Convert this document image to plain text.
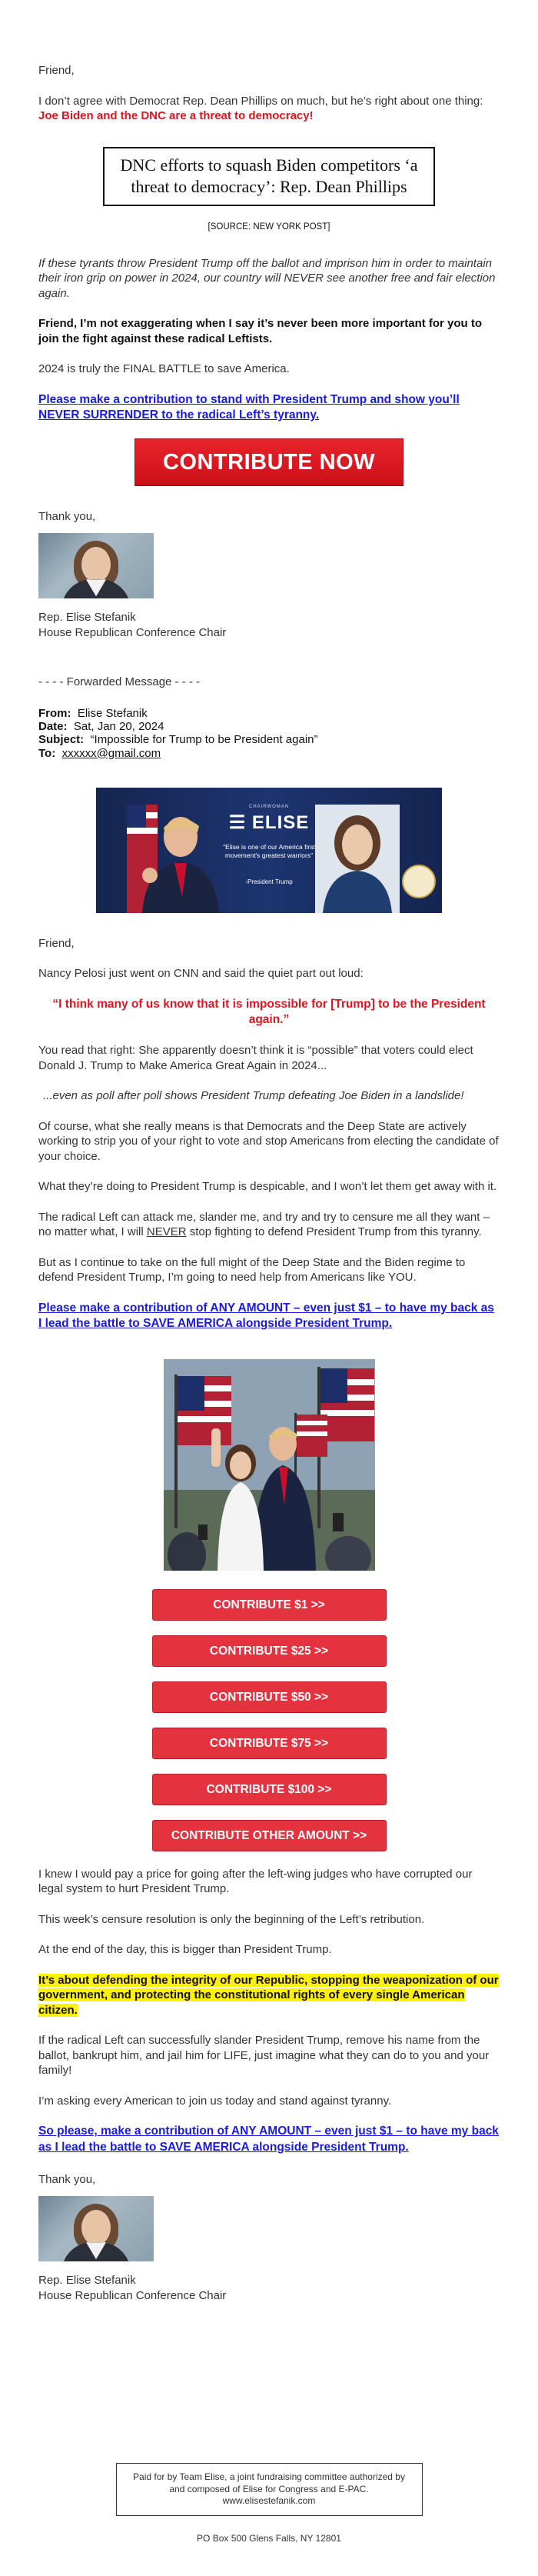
Friend,

I don’t agree with Democrat Rep. Dean Phillips on much, but he’s right about one thing: Joe Biden and the DNC are a threat to democracy!

DNC efforts to squash Biden competitors ‘a threat to democracy’: Rep. Dean Phillips

[SOURCE: NEW YORK POST]

If these tyrants throw President Trump off the ballot and imprison him in order to maintain their iron grip on power in 2024, our country will NEVER see another free and fair election again.

Friend, I’m not exaggerating when I say it’s never been more important for you to join the fight against these radical Leftists.

2024 is truly the FINAL BATTLE to save America.

Please make a contribution to stand with President Trump and show you’ll NEVER SURRENDER to the radical Left’s tyranny.
CONTRIBUTE NOW

Thank you,

Rep. Elise Stefanik

House Republican Conference Chair

- - - - Forwarded Message - - - -

From: Elise Stefanik
Date: Sat, Jan 20, 2024
Subject: “Impossible for Trump to be President again”
To: xxxxxx@gmail.com
CHAIRWOMAN
☰ ELISE
"Elise is one of our America first movement's greatest warriors"
-President Trump

Friend,

Nancy Pelosi just went on CNN and said the quiet part out loud:

“I think many of us know that it is impossible for [Trump] to be the President again.”

You read that right: She apparently doesn’t think it is “possible” that voters could elect Donald J. Trump to Make America Great Again in 2024...

...even as poll after poll shows President Trump defeating Joe Biden in a landslide!

Of course, what she really means is that Democrats and the Deep State are actively working to strip you of your right to vote and stop Americans from electing the candidate of your choice.

What they’re doing to President Trump is despicable, and I won’t let them get away with it.

The radical Left can attack me, slander me, and try and try to censure me all they want – no matter what, I will NEVER stop fighting to defend President Trump from this tyranny.

But as I continue to take on the full might of the Deep State and the Biden regime to defend President Trump, I’m going to need help from Americans like YOU.

Please make a contribution of ANY AMOUNT – even just $1 – to have my back as I lead the battle to SAVE AMERICA alongside President Trump.
CONTRIBUTE $1 >>
CONTRIBUTE $25 >>
CONTRIBUTE $50 >>
CONTRIBUTE $75 >>
CONTRIBUTE $100 >>
CONTRIBUTE OTHER AMOUNT >>

I knew I would pay a price for going after the left-wing judges who have corrupted our legal system to hurt President Trump.

This week’s censure resolution is only the beginning of the Left’s retribution.

At the end of the day, this is bigger than President Trump.

It’s about defending the integrity of our Republic, stopping the weaponization of our government, and protecting the constitutional rights of every single American citizen.

If the radical Left can successfully slander President Trump, remove his name from the ballot, bankrupt him, and jail him for LIFE, just imagine what they can do to you and your family!

I’m asking every American to join us today and stand against tyranny.

So please, make a contribution of ANY AMOUNT – even just $1 – to have my back as I lead the battle to SAVE AMERICA alongside President Trump.

Thank you,

Rep. Elise Stefanik

House Republican Conference Chair

Paid for by Team Elise, a joint fundraising committee authorized by and composed of Elise for Congress and E-PAC. www.elisestefanik.com

PO Box 500 Glens Falls, NY 12801
